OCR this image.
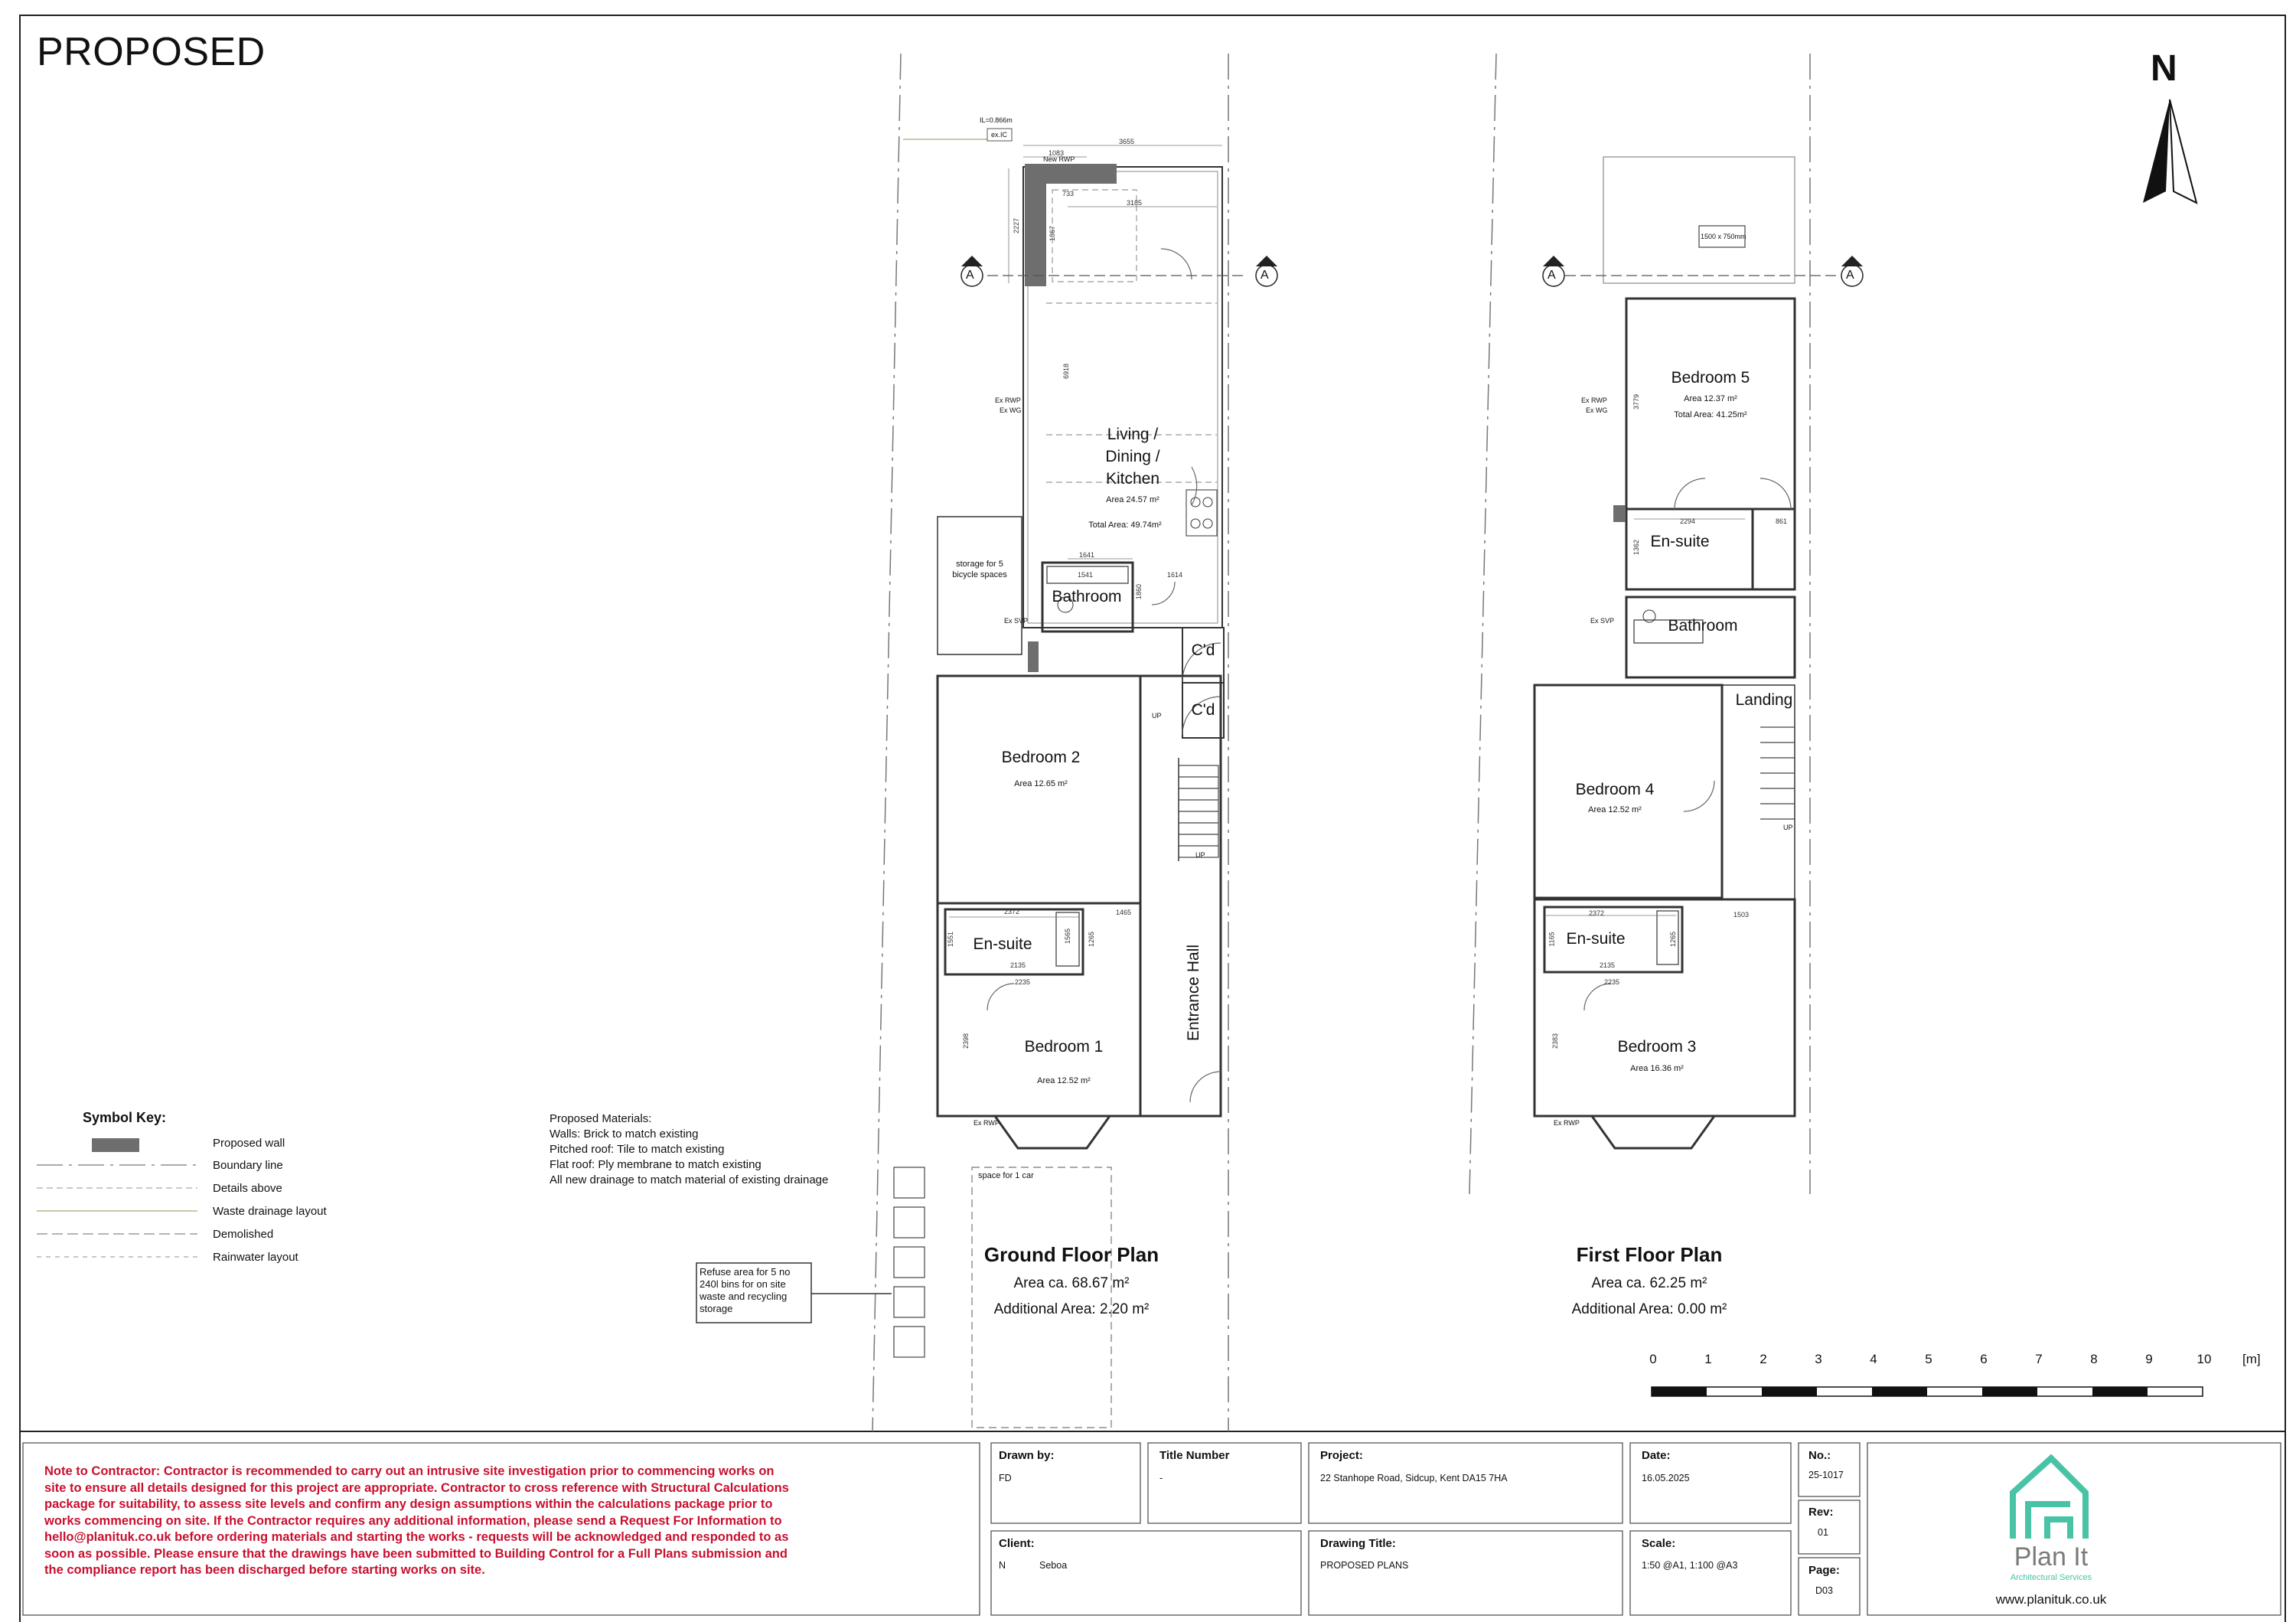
PROPOSED	N
A	A	A	A
Living /
Dining /
Kitchen
Area 24.57 m²
Total Area: 49.74m²
Bathroom
C'd
C'd
Bedroom 2
Area 12.65 m²
En-suite
Bedroom 1
Area 12.52 m²
Entrance Hall
storage for 5 bicycle spaces
space for 1 car
Refuse area for 5 no 240l bins for on site waste and recycling storage
IL=0.866m
ex.IC
New RWP
Ex RWP
Ex WG
Ex SVP
Ex RWP
UP
UP
3655
1083
733
3185
2227	1867
6918
1641
1541	1614
1860
2372	1465
1565 1265
2135
2235
1551
2398
Ground Floor Plan
Area ca. 68.67 m²
Additional Area: 2.20 m²
Bedroom 5
Area 12.37 m²
Total Area: 41.25m²
En-suite
Bathroom
Landing
Bedroom 4
Area 12.52 m²
En-suite
Bedroom 3
Area 16.36 m²
1500 x 750mm
Ex RWP
Ex WG
Ex SVP
Ex RWP
UP
3779
2294	861
1362
2372	1503
1265
1165
2135
2235
2383
First Floor Plan
Area ca. 62.25 m²
Additional Area: 0.00 m²
Symbol Key:
Proposed wall
Boundary line
Details above
Waste drainage layout
Demolished
Rainwater layout
Proposed Materials:
Walls: Brick to match existing
Pitched roof: Tile to match existing
Flat roof: Ply membrane to match existing
All new drainage to match material of existing drainage
0	1	2	3	4	5	6	7	8	9	10 [m]
Note to Contractor: Contractor is recommended to carry out an intrusive site investigation prior to commencing works on
site to ensure all details designed for this project are appropriate. Contractor to cross reference with Structural Calculations
package for suitability, to assess site levels and confirm any design assumptions within the calculations package prior to
works commencing on site. If the Contractor requires any additional information, please send a Request For Information to
hello@planituk.co.uk before ordering materials and starting the works - requests will be acknowledged and responded to as
soon as possible. Please ensure that the drawings have been submitted to Building Control for a Full Plans submission and
the compliance report has been discharged before starting works on site.
Drawn by:
FD
Title Number
-
Project:
22 Stanhope Road, Sidcup, Kent DA15 7HA
Date:
16.05.2025
No.:
25-1017
Client:
N	Seboa
Drawing Title:
PROPOSED PLANS
Scale:
1:50 @A1, 1:100 @A3
Rev:
01
Page:
D03
Plan It
Architectural Services
www.planituk.co.uk
